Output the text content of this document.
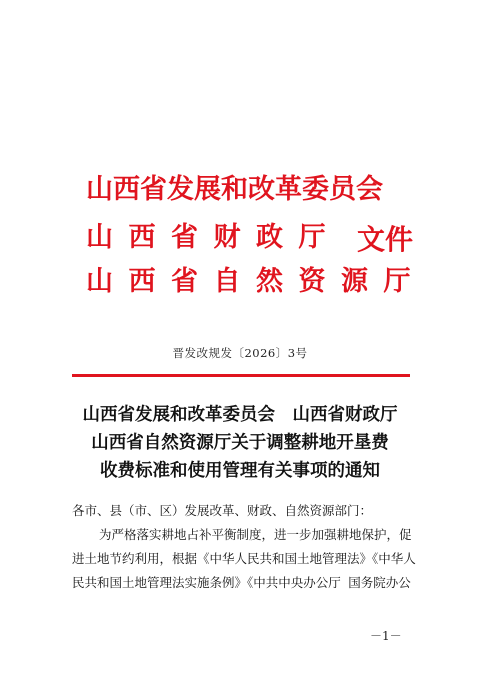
山西省发展和改革委员会
山西省财政厅
山西省自然资源厅
文件
晋发改规发〔2026〕3号
山西省发展和改革委员会　山西省财政厅
山西省自然资源厅关于调整耕地开垦费
收费标准和使用管理有关事项的通知
各市、县（市、区）发展改革、财政、自然资源部门：
为严格落实耕地占补平衡制度，进一步加强耕地保护，促
进土地节约利用，根据《中华人民共和国土地管理法》《中华人
民共和国土地管理法实施条例》《中共中央办公厅 国务院办公
－1－
